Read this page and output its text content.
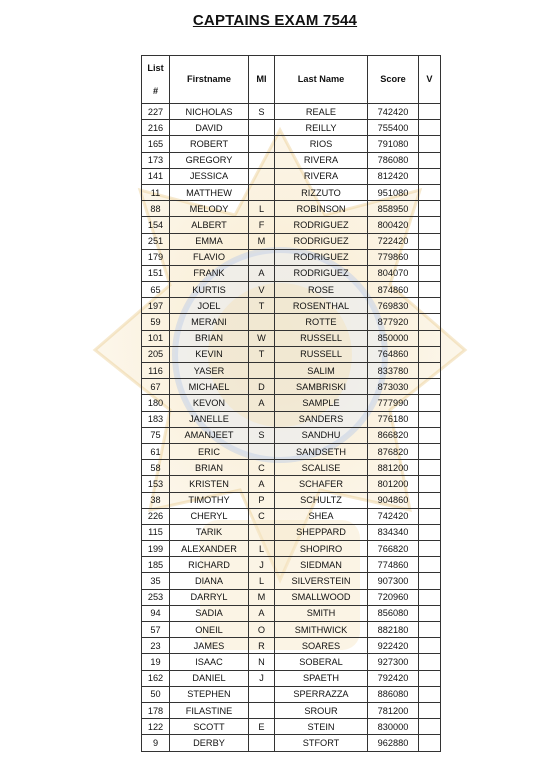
CAPTAINS EXAM 7544
List
#	Firstname	MI	Last Name	Score	V
227	NICHOLAS	S	REALE	742420	
216	DAVID		REILLY	755400	
165	ROBERT		RIOS	791080	
173	GREGORY		RIVERA	786080	
141	JESSICA		RIVERA	812420	
11	MATTHEW		RIZZUTO	951080	
88	MELODY	L	ROBINSON	858950	
154	ALBERT	F	RODRIGUEZ	800420	
251	EMMA	M	RODRIGUEZ	722420	
179	FLAVIO		RODRIGUEZ	779860	
151	FRANK	A	RODRIGUEZ	804070	
65	KURTIS	V	ROSE	874860	
197	JOEL	T	ROSENTHAL	769830	
59	MERANI		ROTTE	877920	
101	BRIAN	W	RUSSELL	850000	
205	KEVIN	T	RUSSELL	764860	
116	YASER		SALIM	833780	
67	MICHAEL	D	SAMBRISKI	873030	
180	KEVON	A	SAMPLE	777990	
183	JANELLE		SANDERS	776180	
75	AMANJEET	S	SANDHU	866820	
61	ERIC		SANDSETH	876820	
58	BRIAN	C	SCALISE	881200	
153	KRISTEN	A	SCHAFER	801200	
38	TIMOTHY	P	SCHULTZ	904860	
226	CHERYL	C	SHEA	742420	
115	TARIK		SHEPPARD	834340	
199	ALEXANDER	L	SHOPIRO	766820	
185	RICHARD	J	SIEDMAN	774860	
35	DIANA	L	SILVERSTEIN	907300	
253	DARRYL	M	SMALLWOOD	720960	
94	SADIA	A	SMITH	856080	
57	ONEIL	O	SMITHWICK	882180	
23	JAMES	R	SOARES	922420	
19	ISAAC	N	SOBERAL	927300	
162	DANIEL	J	SPAETH	792420	
50	STEPHEN		SPERRAZZA	886080	
178	FILASTINE		SROUR	781200	
122	SCOTT	E	STEIN	830000	
9	DERBY		STFORT	962880	
